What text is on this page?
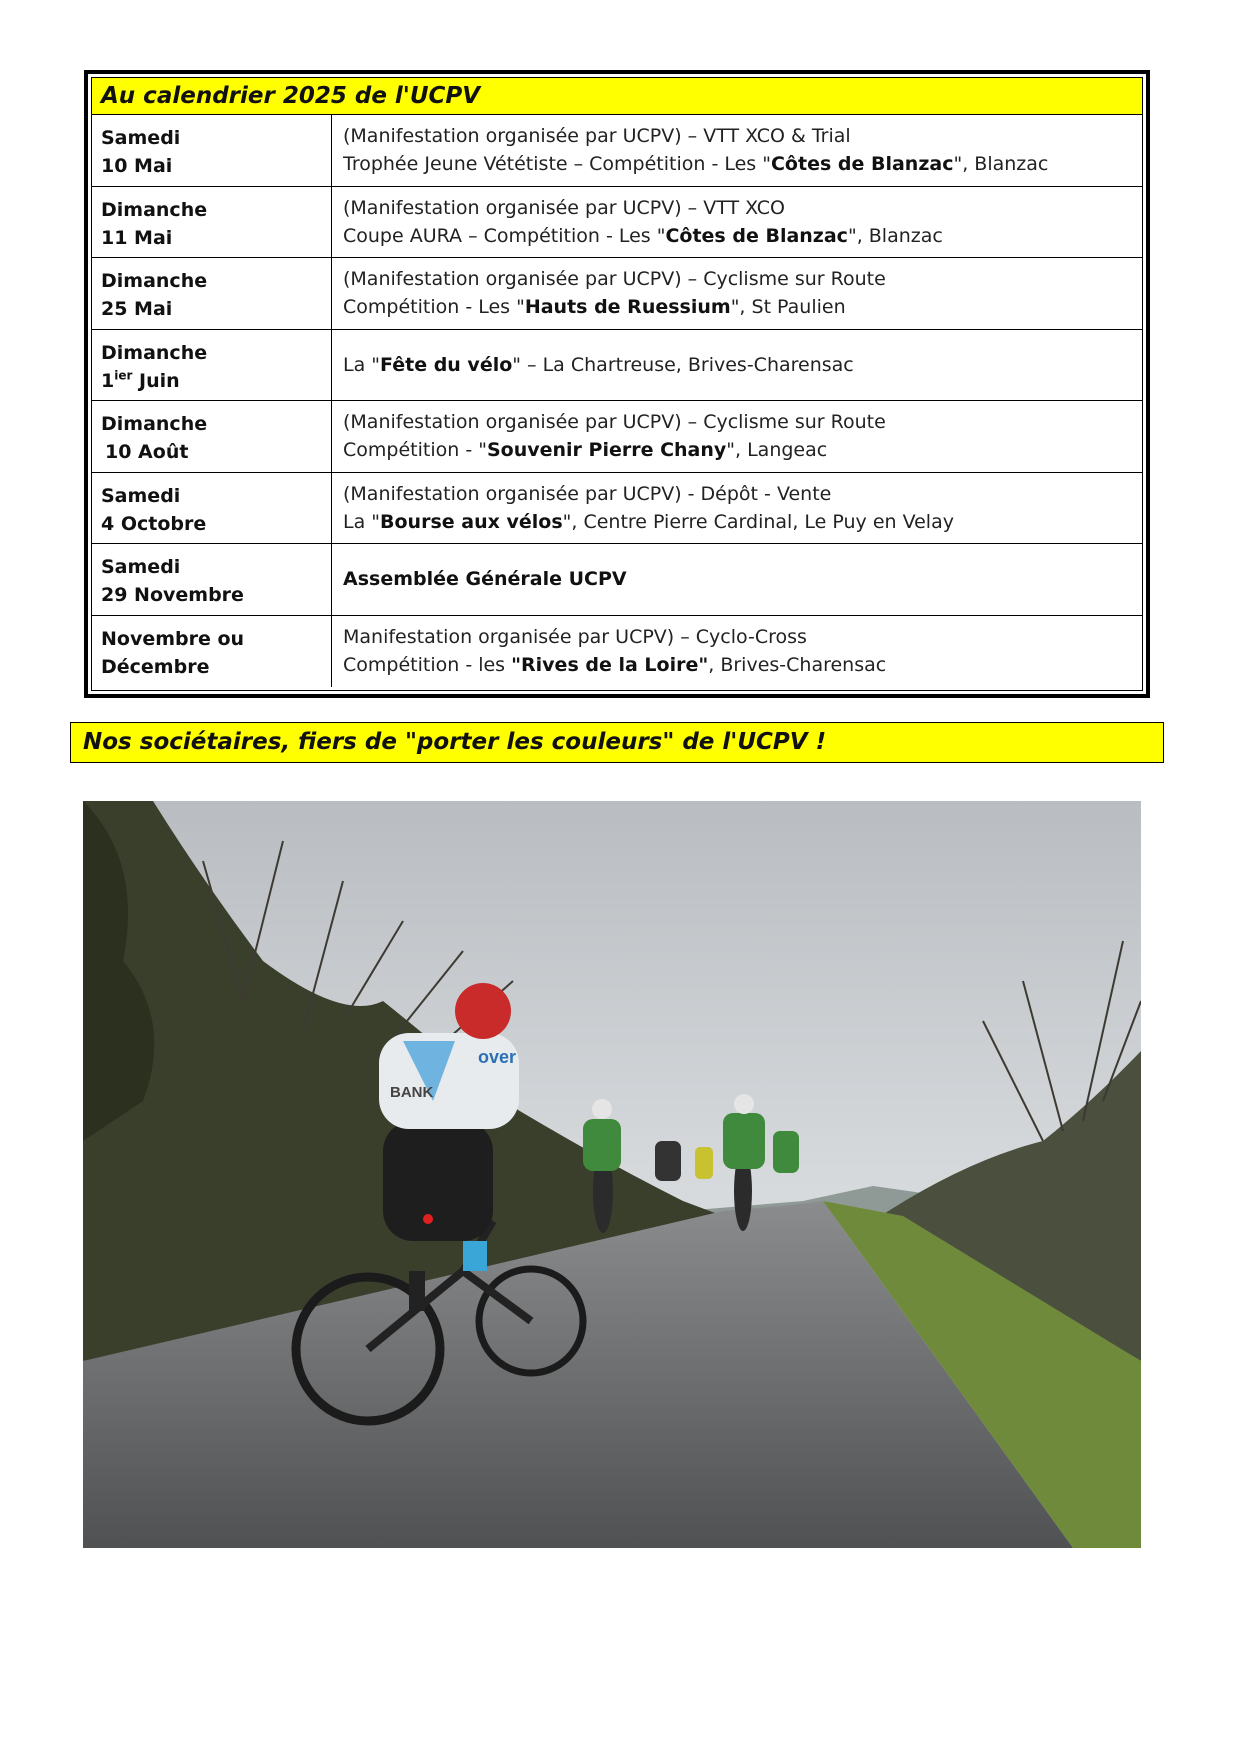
Au calendrier 2025 de l'UCPV
Samedi
10 Mai
(Manifestation organisée par UCPV) – VTT XCO & Trial
Trophée Jeune Vététiste – Compétition - Les "Côtes de Blanzac", Blanzac
Dimanche
11 Mai
(Manifestation organisée par UCPV) – VTT XCO
Coupe AURA – Compétition - Les "Côtes de Blanzac", Blanzac
Dimanche
25 Mai
(Manifestation organisée par UCPV) – Cyclisme sur Route
Compétition - Les "Hauts de Ruessium", St Paulien
Dimanche
$1^{ier}$ Juin
La "Fête du vélo" – La Chartreuse, Brives-Charensac
Dimanche
10 Août
(Manifestation organisée par UCPV) – Cyclisme sur Route
Compétition - "Souvenir Pierre Chany", Langeac
Samedi
4 Octobre
(Manifestation organisée par UCPV) - Dépôt - Vente
La "Bourse aux vélos", Centre Pierre Cardinal, Le Puy en Velay
Samedi
29 Novembre
Assemblée Générale UCPV
Novembre ou
Décembre
Manifestation organisée par UCPV) – Cyclo-Cross
Compétition - les "Rives de la Loire", Brives-Charensac
Nos sociétaires, fiers de "porter les couleurs" de l'UCPV !
BANK
over
